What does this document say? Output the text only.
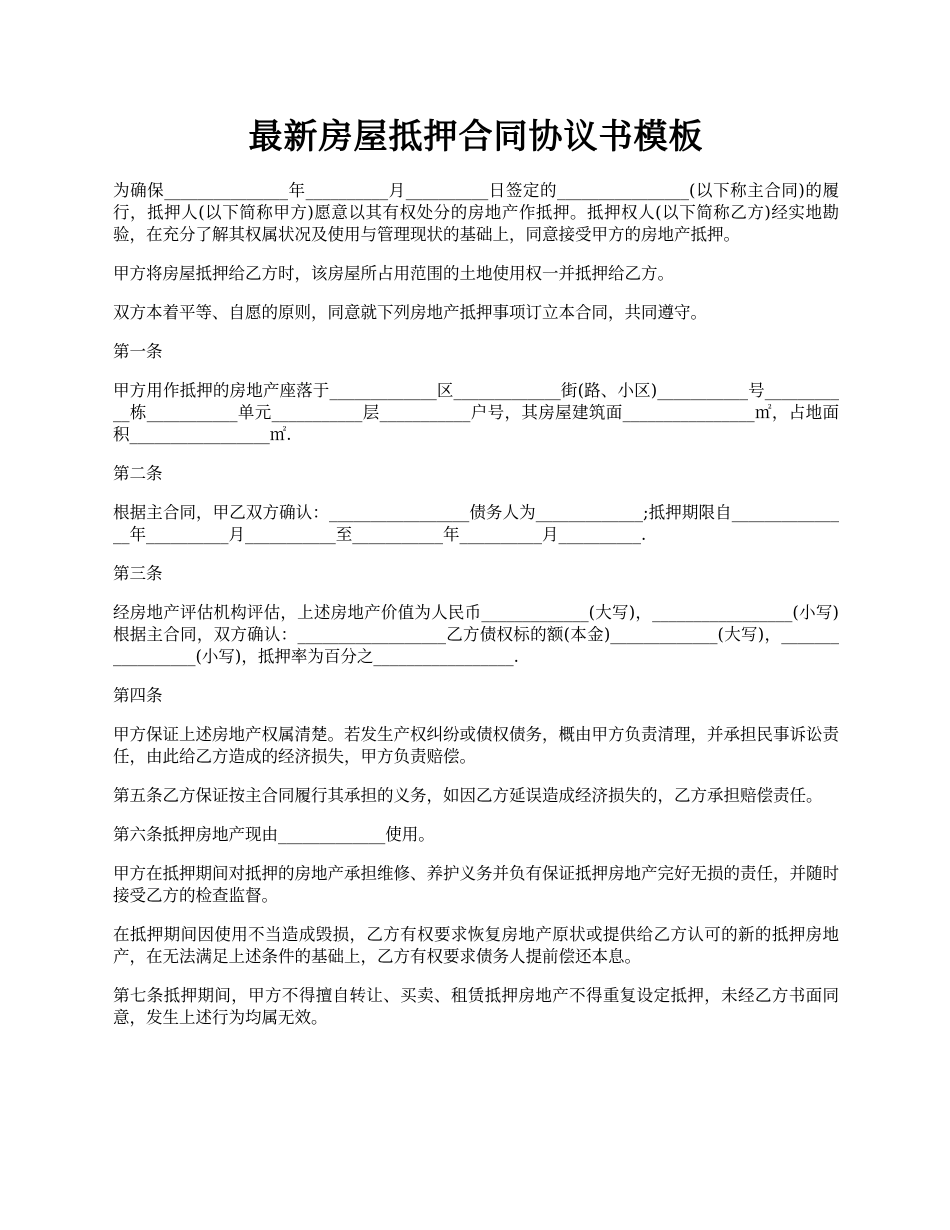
最新房屋抵押合同协议书模板

为确保_______________年__________月__________日签定的________________(以下称主合同)的履行，抵押人(以下简称甲方)愿意以其有权处分的房地产作抵押。抵押权人(以下简称乙方)经实地勘验，在充分了解其权属状况及使用与管理现状的基础上，同意接受甲方的房地产抵押。

甲方将房屋抵押给乙方时，该房屋所占用范围的土地使用权一并抵押给乙方。

双方本着平等、自愿的原则，同意就下列房地产抵押事项订立本合同，共同遵守。

第一条

甲方用作抵押的房地产座落于_____________区_____________街(路、小区)___________号___________栋___________单元___________层___________户号，其房屋建筑面________________㎡，占地面积_________________㎡.

第二条

根据主合同，甲乙双方确认：_________________债务人为_____________;抵押期限自_______________年__________月___________至___________年__________月__________.

第三条

经房地产评估机构评估，上述房地产价值为人民币_____________(大写)，_________________(小写)根据主合同，双方确认：__________________乙方债权标的额(本金)_____________(大写)，_________________(小写)，抵押率为百分之_________________.

第四条

甲方保证上述房地产权属清楚。若发生产权纠纷或债权债务，概由甲方负责清理，并承担民事诉讼责任，由此给乙方造成的经济损失，甲方负责赔偿。

第五条乙方保证按主合同履行其承担的义务，如因乙方延误造成经济损失的，乙方承担赔偿责任。

第六条抵押房地产现由_____________使用。

甲方在抵押期间对抵押的房地产承担维修、养护义务并负有保证抵押房地产完好无损的责任，并随时接受乙方的检查监督。

在抵押期间因使用不当造成毁损，乙方有权要求恢复房地产原状或提供给乙方认可的新的抵押房地产，在无法满足上述条件的基础上，乙方有权要求债务人提前偿还本息。

第七条抵押期间，甲方不得擅自转让、买卖、租赁抵押房地产不得重复设定抵押，未经乙方书面同意，发生上述行为均属无效。
